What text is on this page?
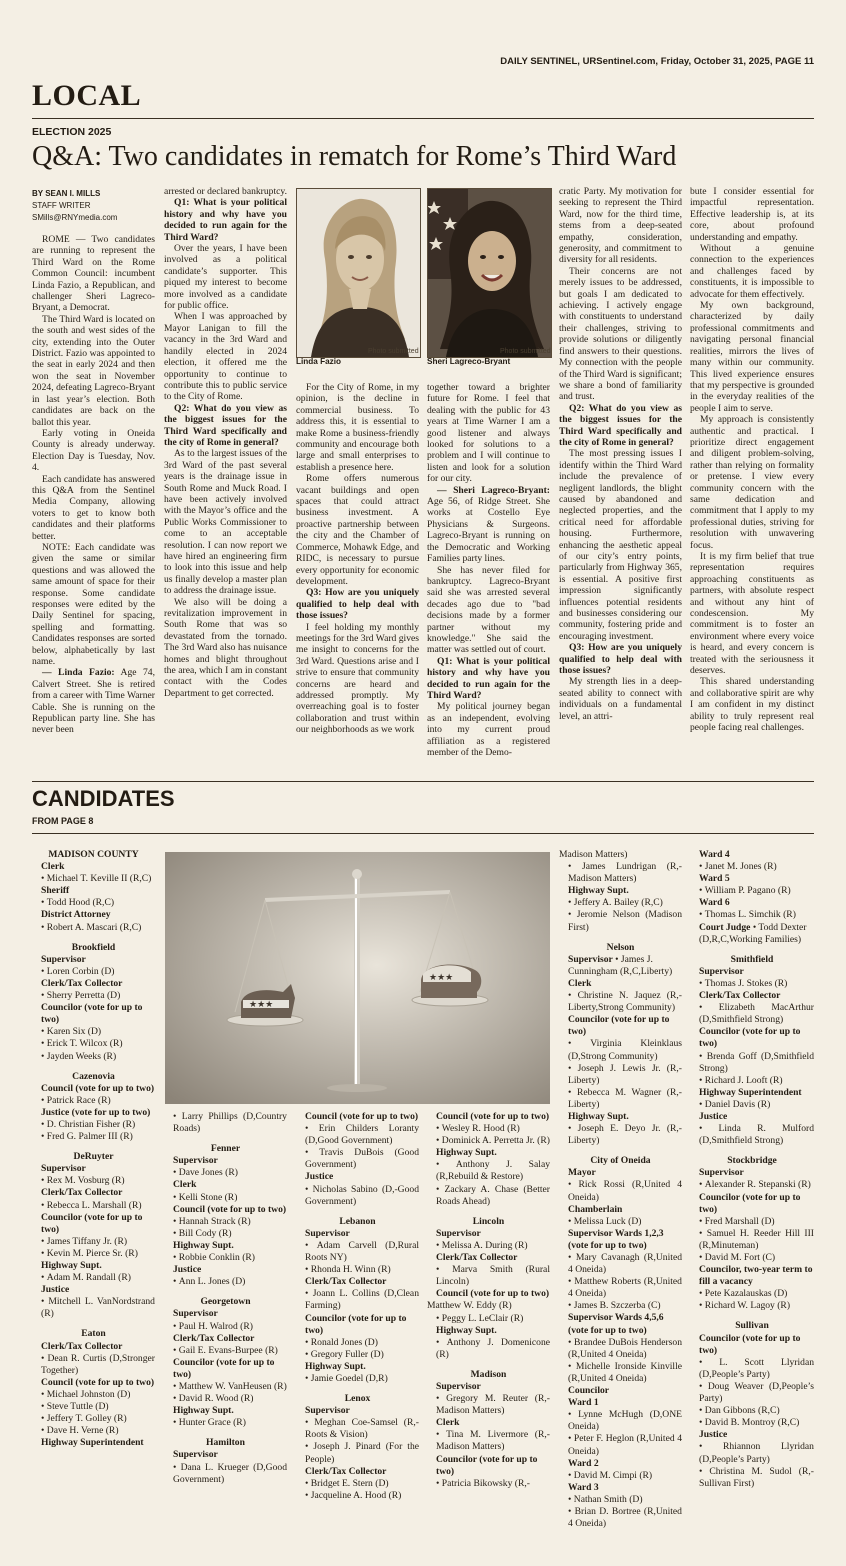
DAILY SENTINEL, URSentinel.com, Friday, October 31, 2025, PAGE 11
LOCAL
ELECTION 2025
Q&A: Two candidates in rematch for Rome’s Third Ward
BY SEAN I. MILLS
STAFF WRITER
SMills@RNYmedia.com

ROME — Two candidates are running to represent the Third Ward on the Rome Common Council: incumbent Linda Fazio, a Republican, and challenger Sheri Lagreco-Bryant, a Democrat.

The Third Ward is located on the south and west sides of the city, extending into the Outer District. Fazio was appointed to the seat in early 2024 and then won the seat in November 2024, defeating Lagreco-Bryant in last year’s election. Both candidates are back on the ballot this year.

Early voting in Oneida County is already underway. Election Day is Tuesday, Nov. 4.

Each candidate has answered this Q&A from the Sentinel Media Company, allowing voters to get to know both candidates and their platforms better.

NOTE: Each candidate was given the same or similar questions and was allowed the same amount of space for their response. Some candidate responses were edited by the Daily Sentinel for spacing, spelling and formatting. Candidates responses are sorted below, alphabetically by last name.

— Linda Fazio: Age 74, Calvert Street. She is retired from a career with Time Warner Cable. She is running on the Republican party line. She has never been

arrested or declared bankruptcy.

Q1: What is your political history and why have you decided to run again for the Third Ward?

Over the years, I have been involved as a political candidate’s supporter. This piqued my interest to become more involved as a candidate for public office.

When I was approached by Mayor Lanigan to fill the vacancy in the 3rd Ward and handily elected in 2024 election, it offered me the opportunity to continue to contribute this to public service to the City of Rome.

Q2: What do you view as the biggest issues for the Third Ward specifically and the city of Rome in general?

As to the largest issues of the 3rd Ward of the past several years is the drainage issue in South Rome and Muck Road. I have been actively involved with the Mayor’s office and the Public Works Commissioner to come to an acceptable resolution. I can now report we have hired an engineering firm to look into this issue and help us finally develop a master plan to address the drainage issue.

We also will be doing a revitalization improvement in South Rome that was so devastated from the tornado. The 3rd Ward also has nuisance homes and blight throughout the area, which I am in constant contact with the Codes Department to get corrected.

For the City of Rome, in my opinion, is the decline in commercial business. To address this, it is essential to make Rome a business-friendly community and encourage both large and small enterprises to establish a presence here.

Rome offers numerous vacant buildings and open spaces that could attract business investment. A proactive partnership between the city and the Chamber of Commerce, Mohawk Edge, and RIDC, is necessary to pursue every opportunity for economic development.

Q3: How are you uniquely qualified to help deal with those issues?

I feel holding my monthly meetings for the 3rd Ward gives me insight to concerns for the 3rd Ward. Questions arise and I strive to ensure that community concerns are heard and addressed promptly. My overreaching goal is to foster collaboration and trust within our neighborhoods as we work

together toward a brighter future for Rome. I feel that dealing with the public for 43 years at Time Warner I am a good listener and always looked for solutions to a problem and I will continue to listen and look for a solution for our city.

— Sheri Lagreco-Bryant: Age 56, of Ridge Street. She works at Costello Eye Physicians & Surgeons. Lagreco-Bryant is running on the Democratic and Working Families party lines.

She has never filed for bankruptcy. Lagreco-Bryant said she was arrested several decades ago due to "bad decisions made by a former partner without my knowledge." She said the matter was settled out of court.

Q1: What is your political history and why have you decided to run again for the Third Ward?

My political journey began as an independent, evolving into my current proud affiliation as a registered member of the Demo-

cratic Party. My motivation for seeking to represent the Third Ward, now for the third time, stems from a deep-seated empathy, consideration, generosity, and commitment to diversity for all residents.

Their concerns are not merely issues to be addressed, but goals I am dedicated to achieving. I actively engage with constituents to understand their challenges, striving to provide solutions or diligently find answers to their questions. My connection with the people of the Third Ward is significant; we share a bond of familiarity and trust.

Q2: What do you view as the biggest issues for the Third Ward specifically and the city of Rome in general?

The most pressing issues I identify within the Third Ward include the prevalence of negligent landlords, the blight caused by abandoned and neglected properties, and the critical need for affordable housing. Furthermore, enhancing the aesthetic appeal of our city’s entry points, particularly from Highway 365, is essential. A positive first impression significantly influences potential residents and businesses considering our community, fostering pride and encouraging investment.

Q3: How are you uniquely qualified to help deal with those issues?

My strength lies in a deep-seated ability to connect with individuals on a fundamental level, an attri-

bute I consider essential for impactful representation. Effective leadership is, at its core, about profound understanding and empathy.

Without a genuine connection to the experiences and challenges faced by constituents, it is impossible to advocate for them effectively.

My own background, characterized by daily professional commitments and navigating personal financial realities, mirrors the lives of many within our community. This lived experience ensures that my perspective is grounded in the everyday realities of the people I aim to serve.

My approach is consistently authentic and practical. I prioritize direct engagement and diligent problem-solving, rather than relying on formality or pretense. I view every community concern with the same dedication and commitment that I apply to my professional duties, striving for resolution with unwavering focus.

It is my firm belief that true representation requires approaching constituents as partners, with absolute respect and without any hint of condescension. My commitment is to foster an environment where every voice is heard, and every concern is treated with the seriousness it deserves.

This shared understanding and collaborative spirit are why I am confident in my distinct ability to truly represent real people facing real challenges.

Photo submitted
Linda Fazio
Photo submitted
Sheri Lagreco-Bryant
CANDIDATES
FROM PAGE 8
★★★
★★★
MADISON COUNTY
Clerk
• Michael T. Keville II (R,C)
Sheriff
• Todd Hood (R,C)
District Attorney
• Robert A. Mascari (R,C)
Brookfield
Supervisor
• Loren Corbin (D)
Clerk/Tax Collector
• Sherry Perretta (D)
Councilor (vote for up to two)
• Karen Six (D)
• Erick T. Wilcox (R)
• Jayden Weeks (R)
Cazenovia
Council (vote for up to two)
• Patrick Race (R)
Justice (vote for up to two)
• D. Christian Fisher (R)
• Fred G. Palmer III (R)
DeRuyter
Supervisor
• Rex M. Vosburg (R)
Clerk/Tax Collector
• Rebecca L. Marshall (R)
Councilor (vote for up to two)
• James Tiffany Jr. (R)
• Kevin M. Pierce Sr. (R)
Highway Supt.
• Adam M. Randall (R)
Justice
• Mitchell L. VanNordstrand (R)
Eaton
Clerk/Tax Collector
• Dean R. Curtis (D,Stronger Together)
Council (vote for up to two)
• Michael Johnston (D)
• Steve Tuttle (D)
• Jeffery T. Golley (R)
• Dave H. Verne (R)
Highway Superintendent
• Larry Phillips (D,Country Roads)
Fenner
Supervisor
• Dave Jones (R)
Clerk
• Kelli Stone (R)
Council (vote for up to two)
• Hannah Strack (R)
• Bill Cody (R)
Highway Supt.
• Robbie Conklin (R)
Justice
• Ann L. Jones (D)
Georgetown
Supervisor
• Paul H. Walrod (R)
Clerk/Tax Collector
• Gail E. Evans-Burpee (R)
Councilor (vote for up to two)
• Matthew W. VanHeusen (R)
• David R. Wood (R)
Highway Supt.
• Hunter Grace (R)
Hamilton
Supervisor
• Dana L. Krueger (D,Good Government)
Council (vote for up to two)
• Erin Childers Loranty (D,Good Government)
• Travis DuBois (Good Government)
Justice
• Nicholas Sabino (D,-Good Government)
Lebanon
Supervisor
• Adam Carvell (D,Rural Roots NY)
• Rhonda H. Winn (R)
Clerk/Tax Collector
• Joann L. Collins (D,Clean Farming)
Councilor (vote for up to two)
• Ronald Jones (D)
• Gregory Fuller (D)
Highway Supt.
• Jamie Goedel (D,R)
Lenox
Supervisor
• Meghan Coe-Samsel (R,-Roots & Vision)
• Joseph J. Pinard (For the People)
Clerk/Tax Collector
• Bridget E. Stern (D)
• Jacqueline A. Hood (R)
Council (vote for up to two)
• Wesley R. Hood (R)
• Dominick A. Perretta Jr. (R)
Highway Supt.
• Anthony J. Salay (R,Rebuild & Restore)
• Zackary A. Chase (Better Roads Ahead)
Lincoln
Supervisor
• Melissa A. During (R)
Clerk/Tax Collector
• Marva Smith (Rural Lincoln)
Council (vote for up to two)
Matthew W. Eddy (R)
• Peggy L. LeClair (R)
Highway Supt.
• Anthony J. Domenicone (R)
Madison
Supervisor
• Gregory M. Reuter (R,-Madison Matters)
Clerk
• Tina M. Livermore (R,-Madison Matters)
Councilor (vote for up to two)
• Patricia Bikowsky (R,-
Madison Matters)
• James Lundrigan (R,-Madison Matters)
Highway Supt.
• Jeffery A. Bailey (R,C)
• Jeromie Nelson (Madison First)
Nelson
Supervisor • James J. Cunningham (R,C,Liberty)
Clerk
• Christine N. Jaquez (R,-Liberty,Strong Community)
Councilor (vote for up to two)
• Virginia Kleinklaus (D,Strong Community)
• Joseph J. Lewis Jr. (R,-Liberty)
• Rebecca M. Wagner (R,-Liberty)
Highway Supt.
• Joseph E. Deyo Jr. (R,-Liberty)
City of Oneida
Mayor
• Rick Rossi (R,United 4 Oneida)
Chamberlain
• Melissa Luck (D)
Supervisor Wards 1,2,3 (vote for up to two)
• Mary Cavanagh (R,United 4 Oneida)
• Matthew Roberts (R,United 4 Oneida)
• James B. Szczerba (C)
Supervisor Wards 4,5,6 (vote for up to two)
• Brandee DuBois Henderson (R,United 4 Oneida)
• Michelle Ironside Kinville (R,United 4 Oneida)
Councilor
Ward 1
• Lynne McHugh (D,ONE Oneida)
• Peter F. Heglon (R,United 4 Oneida)
Ward 2
• David M. Cimpi (R)
Ward 3
• Nathan Smith (D)
• Brian D. Bortree (R,United 4 Oneida)
Ward 4
• Janet M. Jones (R)
Ward 5
• William P. Pagano (R)
Ward 6
• Thomas L. Simchik (R)
Court Judge • Todd Dexter (D,R,C,Working Families)
Smithfield
Supervisor
• Thomas J. Stokes (R)
Clerk/Tax Collector
• Elizabeth MacArthur (D,Smithfield Strong)
Councilor (vote for up to two)
• Brenda Goff (D,Smithfield Strong)
• Richard J. Looft (R)
Highway Superintendent
• Daniel Davis (R)
Justice
• Linda R. Mulford (D,Smithfield Strong)
Stockbridge
Supervisor
• Alexander R. Stepanski (R)
Councilor (vote for up to two)
• Fred Marshall (D)
• Samuel H. Reeder Hill III (R,Minuteman)
• David M. Fort (C)
Councilor, two-year term to fill a vacancy
• Pete Kazalauskas (D)
• Richard W. Lagoy (R)
Sullivan
Councilor (vote for up to two)
• L. Scott Llyridan (D,People’s Party)
• Doug Weaver (D,People’s Party)
• Dan Gibbons (R,C)
• David B. Montroy (R,C)
Justice
• Rhiannon Llyridan (D,People’s Party)
• Christina M. Sudol (R,-Sullivan First)
